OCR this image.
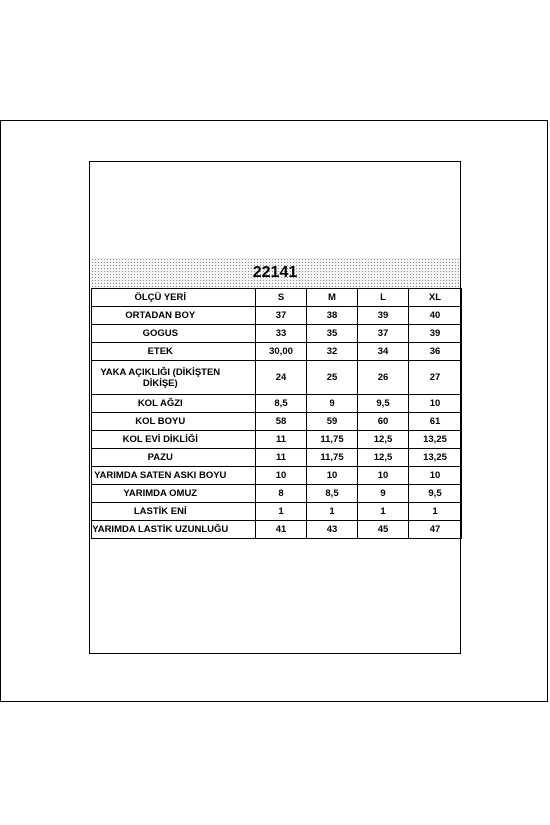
22141
ÖLÇÜ YERİ		S	M	L	XL
ORTADAN BOY		37	38	39	40
GOGUS		33	35	37	39
ETEK		30,00	32	34	36
YAKA AÇIKLIĞI (DİKİŞTEN DİKİŞE)		24	25	26	27
KOL AĞZI		8,5	9	9,5	10
KOL BOYU		58	59	60	61
KOL EVİ DİKLİĞİ		11	11,75	12,5	13,25
PAZU		11	11,75	12,5	13,25
YARIMDA SATEN ASKI BOYU		10	10	10	10
YARIMDA OMUZ		8	8,5	9	9,5
LASTİK ENİ		1	1	1	1
YARIMDA LASTİK UZUNLUĞU		41	43	45	47
